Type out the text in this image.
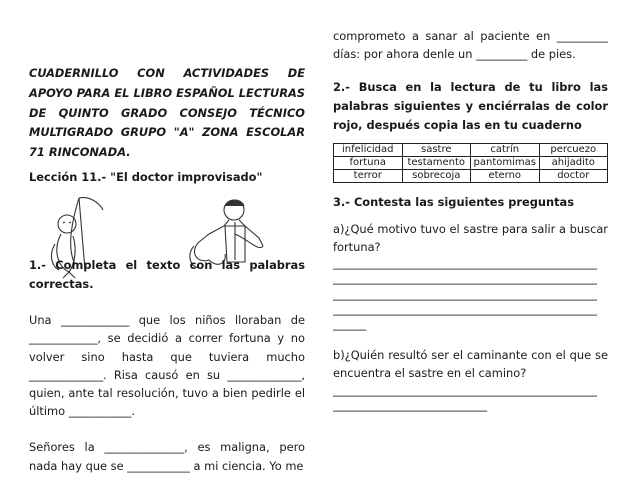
CUADERNILLO CON ACTIVIDADES DE APOYO PARA EL LIBRO ESPAÑOL LECTURAS DE QUINTO GRADO CONSEJO TÉCNICO MULTIGRADO GRUPO "A" ZONA ESCOLAR 71 RINCONADA.

Lección 11.- "El doctor improvisado"

1.- Completa el texto con las palabras correctas.

Una ____________ que los niños lloraban de ____________, se decidió a correr fortuna y no volver sino hasta que tuviera mucho _____________. Risa causó en su _____________, quien, ante tal resolución, tuvo a bien pedirle el último ___________.

Señores la ______________, es maligna, pero nada hay que se ___________ a mi ciencia. Yo me

comprometo a sanar al paciente en _________ días: por ahora denle un _________ de pies.

2.- Busca en la lectura de tu libro las palabras siguientes y enciérralas de color rojo, después copia las en tu cuaderno

infelicidad	sastre	catrín	percuezo
fortuna	testamento	pantomimas	ahijadito
terror	sobrecoja	eterno	doctor

3.- Contesta las siguientes preguntas

a)¿Qué motivo tuvo el sastre para salir a buscar fortuna?

________________________________________________
________________________________________________
________________________________________________
________________________________________________
______

b)¿Quién resultó ser el caminante con el que se encuentra el sastre en el camino?

________________________________________________
____________________________
